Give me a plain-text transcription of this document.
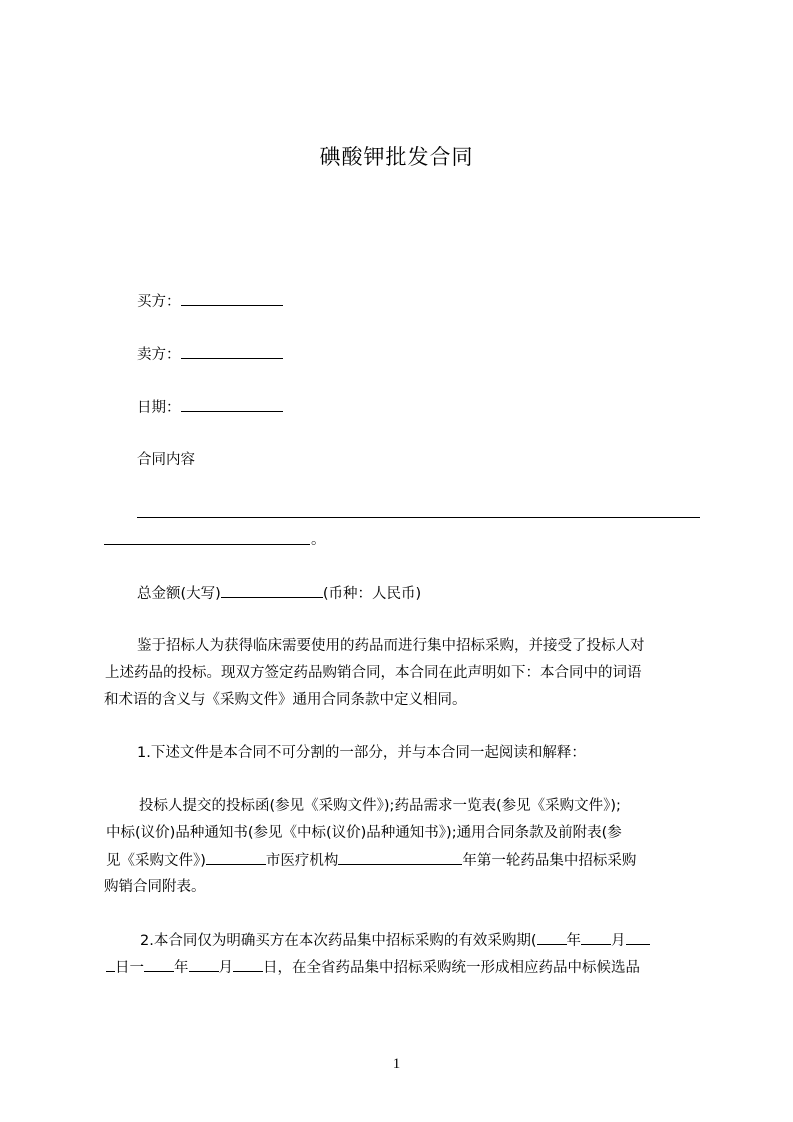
碘酸钾批发合同
买方：
卖方：
日期：
合同内容
。
总金额(大写)	(币种：人民币)
鉴于招标人为获得临床需要使用的药品而进行集中招标采购，并接受了投标人对
上述药品的投标。现双方签定药品购销合同，本合同在此声明如下：本合同中的词语
和术语的含义与《采购文件》通用合同条款中定义相同。
1.下述文件是本合同不可分割的一部分，并与本合同一起阅读和解释：
投标人提交的投标函(参见《采购文件》);药品需求一览表(参见《采购文件》);
中标(议价)品种通知书(参见《中标(议价)品种通知书》);通用合同条款及前附表(参
见《采购文件》)	市医疗机构	年第一轮药品集中招标采购
购销合同附表。
2.本合同仅为明确买方在本次药品集中招标采购的有效采购期( 年 月
日一 年 月 日，在全省药品集中招标采购统一形成相应药品中标候选品
1
